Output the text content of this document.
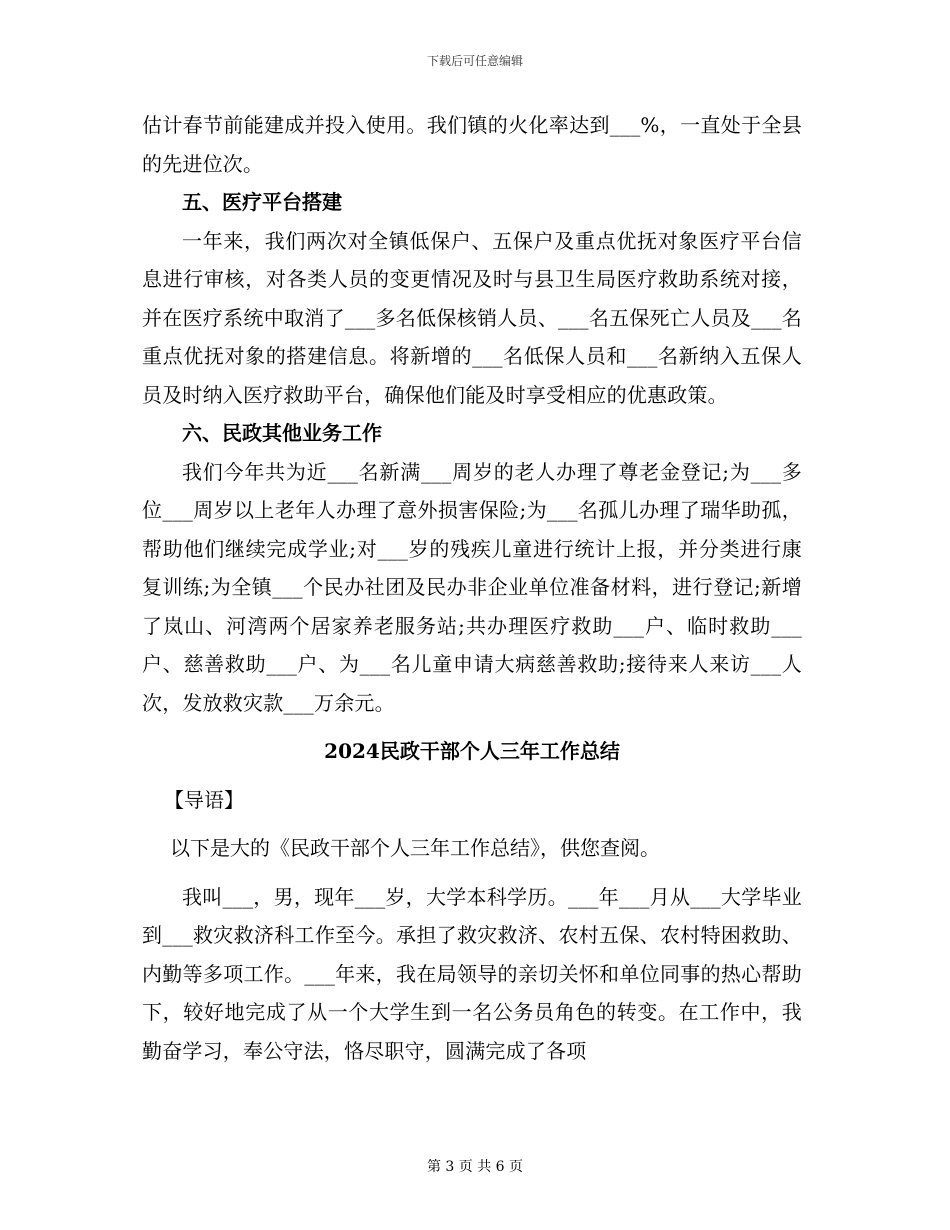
下载后可任意编辑

估计春节前能建成并投入使用。我们镇的火化率达到___%，一直处于全县的先进位次。

五、医疗平台搭建

一年来，我们两次对全镇低保户、五保户及重点优抚对象医疗平台信息进行审核，对各类人员的变更情况及时与县卫生局医疗救助系统对接，并在医疗系统中取消了___多名低保核销人员、___名五保死亡人员及___名重点优抚对象的搭建信息。将新增的___名低保人员和___名新纳入五保人员及时纳入医疗救助平台，确保他们能及时享受相应的优惠政策。

六、民政其他业务工作

我们今年共为近___名新满___周岁的老人办理了尊老金登记;为___多位___周岁以上老年人办理了意外损害保险;为___名孤儿办理了瑞华助孤，帮助他们继续完成学业;对___岁的残疾儿童进行统计上报，并分类进行康复训练;为全镇___个民办社团及民办非企业单位准备材料，进行登记;新增了岚山、河湾两个居家养老服务站;共办理医疗救助___户、临时救助___户、慈善救助___户、为___名儿童申请大病慈善救助;接待来人来访___人次，发放救灾款___万余元。

2024民政干部个人三年工作总结

【导语】

以下是大的《民政干部个人三年工作总结》，供您查阅。

我叫___，男，现年___岁，大学本科学历。___年___月从___大学毕业到___救灾救济科工作至今。承担了救灾救济、农村五保、农村特困救助、内勤等多项工作。___年来，我在局领导的亲切关怀和单位同事的热心帮助下，较好地完成了从一个大学生到一名公务员角色的转变。在工作中，我勤奋学习，奉公守法，恪尽职守，圆满完成了各项

第 3 页 共 6 页
